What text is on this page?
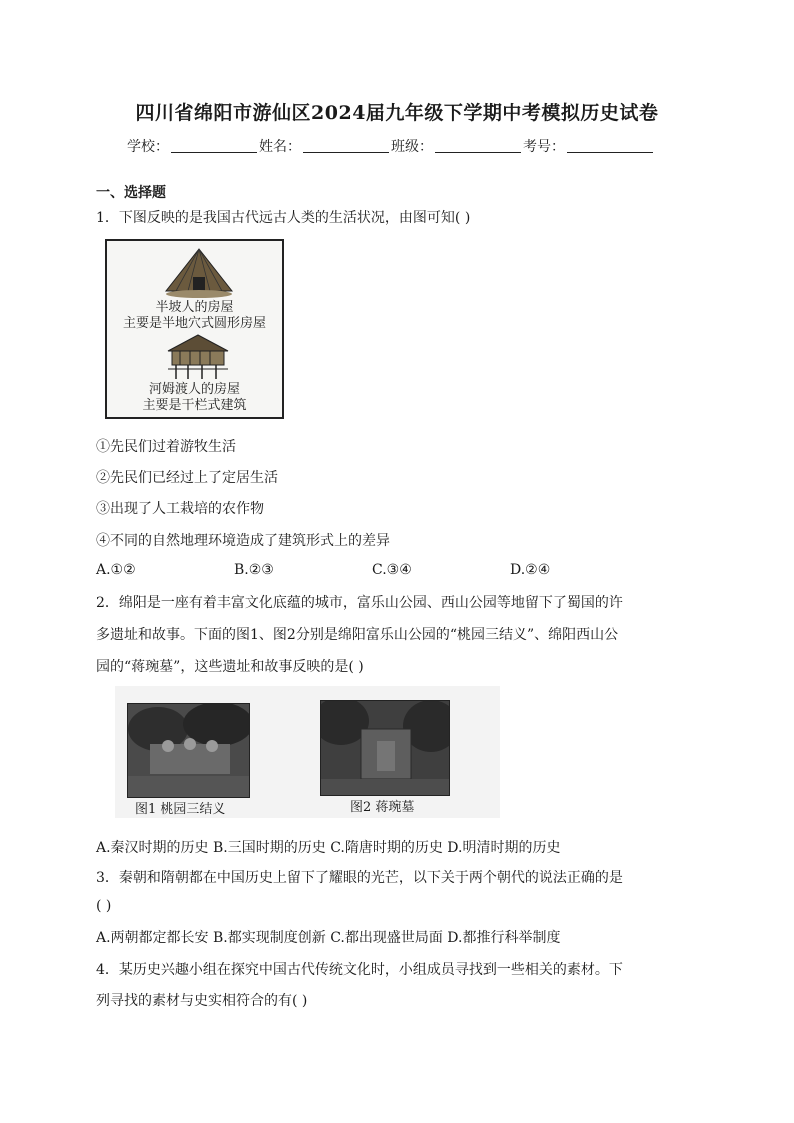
四川省绵阳市游仙区2024届九年级下学期中考模拟历史试卷
学校：	姓名：	班级：	考号：
一、选择题
1．下图反映的是我国古代远古人类的生活状况，由图可知( )
半坡人的房屋
主要是半地穴式圆形房屋
河姆渡人的房屋
主要是干栏式建筑
①先民们过着游牧生活
②先民们已经过上了定居生活
③出现了人工栽培的农作物
④不同的自然地理环境造成了建筑形式上的差异
A.①②	B.②③	C.③④	D.②④
2．绵阳是一座有着丰富文化底蕴的城市，富乐山公园、西山公园等地留下了蜀国的许
多遗址和故事。下面的图1、图2分别是绵阳富乐山公园的“桃园三结义”、绵阳西山公
园的“蒋琬墓”，这些遗址和故事反映的是( )
图1 桃园三结义	图2 蒋琬墓
A.秦汉时期的历史 B.三国时期的历史 C.隋唐时期的历史 D.明清时期的历史
3．秦朝和隋朝都在中国历史上留下了耀眼的光芒，以下关于两个朝代的说法正确的是
( )
A.两朝都定都长安 B.都实现制度创新 C.都出现盛世局面 D.都推行科举制度
4．某历史兴趣小组在探究中国古代传统文化时，小组成员寻找到一些相关的素材。下
列寻找的素材与史实相符合的有( )
